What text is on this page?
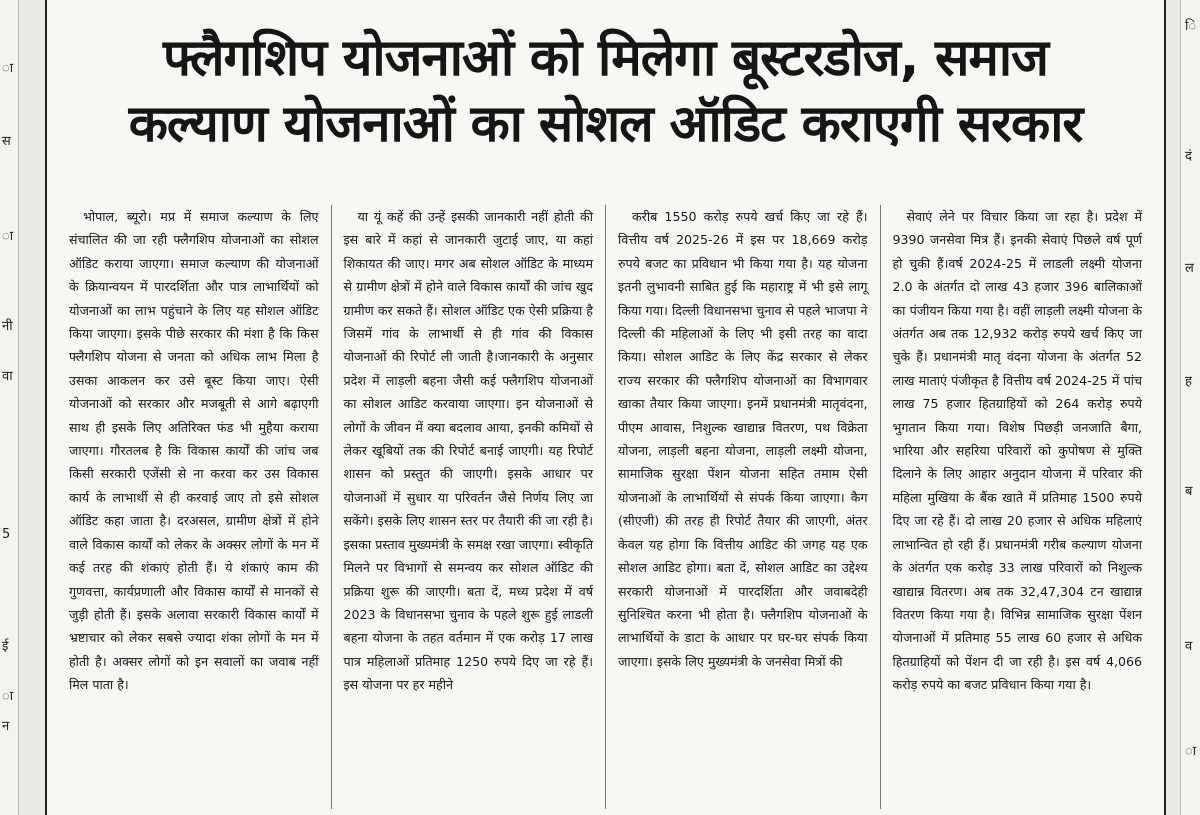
ा
स
ा
नी
वा
5
ई
ा
न
फ्लैगशिप योजनाओं को मिलेगा बूस्टरडोज, समाज
कल्याण योजनाओं का सोशल ऑडिट कराएगी सरकार

भोपाल, ब्यूरो। मप्र में समाज कल्याण के लिए संचालित की जा रही फ्लैगशिप योजनाओं का सोशल ऑडिट कराया जाएगा। समाज कल्याण की योजनाओं के क्रियान्वयन में पारदर्शिता और पात्र लाभार्थियों को योजनाओं का लाभ पहुंचाने के लिए यह सोशल ऑडिट किया जाएगा। इसके पीछे सरकार की मंशा है कि किस फ्लैगशिप योजना से जनता को अधिक लाभ मिला है उसका आकलन कर उसे बूस्ट किया जाए। ऐसी योजनाओं को सरकार और मजबूती से आगे बढ़ाएगी साथ ही इसके लिए अतिरिक्त फंड भी मुहैया कराया जाएगा। गौरतलब है कि विकास कार्यों की जांच जब किसी सरकारी एजेंसी से ना करवा कर उस विकास कार्य के लाभार्थी से ही करवाई जाए तो इसे सोशल ऑडिट कहा जाता है। दरअसल, ग्रामीण क्षेत्रों में होने वाले विकास कार्यों को लेकर के अक्सर लोगों के मन में कई तरह की शंकाएं होती हैं। ये शंकाएं काम की गुणवत्ता, कार्यप्रणाली और विकास कार्यों से मानकों से जुड़ी होती हैं। इसके अलावा सरकारी विकास कार्यों में भ्रष्टाचार को लेकर सबसे ज्यादा शंका लोगों के मन में होती है। अक्सर लोगों को इन सवालों का जवाब नहीं मिल पाता है।

या यूं कहें की उन्हें इसकी जानकारी नहीं होती की इस बारे में कहां से जानकारी जुटाई जाए, या कहां शिकायत की जाए। मगर अब सोशल ऑडिट के माध्यम से ग्रामीण क्षेत्रों में होने वाले विकास कार्यों की जांच खुद ग्रामीण कर सकते हैं। सोशल ऑडिट एक ऐसी प्रक्रिया है जिसमें गांव के लाभार्थी से ही गांव की विकास योजनाओं की रिपोर्ट ली जाती है।जानकारी के अनुसार प्रदेश में लाड़ली बहना जैसी कई फ्लैगशिप योजनाओं का सोशल आडिट करवाया जाएगा। इन योजनाओं से लोगों के जीवन में क्या बदलाव आया, इनकी कमियों से लेकर खूबियों तक की रिपोर्ट बनाई जाएगी। यह रिपोर्ट शासन को प्रस्तुत की जाएगी। इसके आधार पर योजनाओं में सुधार या परिवर्तन जैसे निर्णय लिए जा सकेंगे। इसके लिए शासन स्तर पर तैयारी की जा रही है। इसका प्रस्ताव मुख्यमंत्री के समक्ष रखा जाएगा। स्वीकृति मिलने पर विभागों से समन्वय कर सोशल ऑडिट की प्रक्रिया शुरू की जाएगी। बता दें, मध्य प्रदेश में वर्ष 2023 के विधानसभा चुनाव के पहले शुरू हुई लाडली बहना योजना के तहत वर्तमान में एक करोड़ 17 लाख पात्र महिलाओं प्रतिमाह 1250 रुपये दिए जा रहे हैं। इस योजना पर हर महीने

करीब 1550 करोड़ रुपये खर्च किए जा रहे हैं। वित्तीय वर्ष 2025-26 में इस पर 18,669 करोड़ रुपये बजट का प्रविधान भी किया गया है। यह योजना इतनी लुभावनी साबित हुई कि महाराष्ट्र में भी इसे लागू किया गया। दिल्ली विधानसभा चुनाव से पहले भाजपा ने दिल्ली की महिलाओं के लिए भी इसी तरह का वादा किया। सोशल आडिट के लिए केंद्र सरकार से लेकर राज्य सरकार की फ्लैगशिप योजनाओं का विभागवार खाका तैयार किया जाएगा। इनमें प्रधानमंत्री मातृवंदना, पीएम आवास, निशुल्क खाद्यान्न वितरण, पथ विक्रेता योजना, लाड़ली बहना योजना, लाड़ली लक्ष्मी योजना, सामाजिक सुरक्षा पेंशन योजना सहित तमाम ऐसी योजनाओं के लाभार्थियों से संपर्क किया जाएगा। कैग (सीएजी) की तरह ही रिपोर्ट तैयार की जाएगी, अंतर केवल यह होगा कि वित्तीय आडिट की जगह यह एक सोशल आडिट होगा। बता दें, सोशल आडिट का उद्देश्य सरकारी योजनाओं में पारदर्शिता और जवाबदेही सुनिश्चित करना भी होता है। फ्लैगशिप योजनाओं के लाभार्थियों के डाटा के आधार पर घर-घर संपर्क किया जाएगा। इसके लिए मुख्यमंत्री के जनसेवा मित्रों की

सेवाएं लेने पर विचार किया जा रहा है। प्रदेश में 9390 जनसेवा मित्र हैं। इनकी सेवाएं पिछले वर्ष पूर्ण हो चुकी हैं।वर्ष 2024-25 में लाडली लक्ष्मी योजना 2.0 के अंतर्गत दो लाख 43 हजार 396 बालिकाओं का पंजीयन किया गया है। वहीं लाड़ली लक्ष्मी योजना के अंतर्गत अब तक 12,932 करोड़ रुपये खर्च किए जा चुके हैं। प्रधानमंत्री मातृ वंदना योजना के अंतर्गत 52 लाख माताएं पंजीकृत है वित्तीय वर्ष 2024-25 में पांच लाख 75 हजार हितग्राहियों को 264 करोड़ रुपये भुगतान किया गया। विशेष पिछड़ी जनजाति बैगा, भारिया और सहरिया परिवारों को कुपोषण से मुक्ति दिलाने के लिए आहार अनुदान योजना में परिवार की महिला मुखिया के बैंक खाते में प्रतिमाह 1500 रुपये दिए जा रहे हैं। दो लाख 20 हजार से अधिक महिलाएं लाभान्वित हो रही हैं। प्रधानमंत्री गरीब कल्याण योजना के अंतर्गत एक करोड़ 33 लाख परिवारों को निशुल्क खाद्यान्न वितरण। अब तक 32,47,304 टन खाद्यान्न वितरण किया गया है। विभिन्न सामाजिक सुरक्षा पेंशन योजनाओं में प्रतिमाह 55 लाख 60 हजार से अधिक हितग्राहियों को पेंशन दी जा रही है। इस वर्ष 4,066 करोड़ रुपये का बजट प्रविधान किया गया है।

ि
दं
ल
ह
ब
व
ा
